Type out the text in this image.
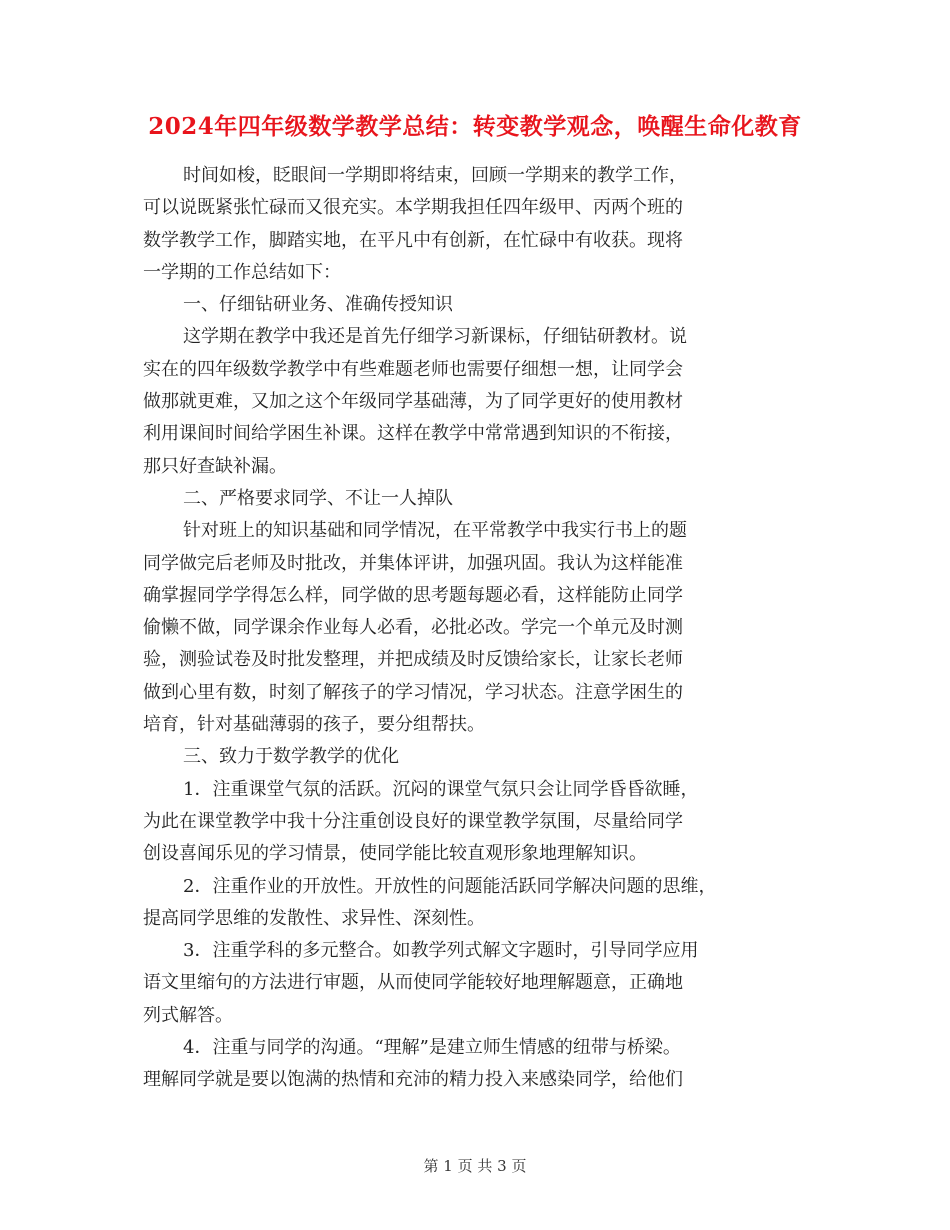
2024年四年级数学教学总结：转变教学观念，唤醒生命化教育

时间如梭，眨眼间一学期即将结束，回顾一学期来的教学工作，
可以说既紧张忙碌而又很充实。本学期我担任四年级甲、丙两个班的
数学教学工作，脚踏实地，在平凡中有创新，在忙碌中有收获。现将
一学期的工作总结如下：

一、仔细钻研业务、准确传授知识

这学期在教学中我还是首先仔细学习新课标，仔细钻研教材。说
实在的四年级数学教学中有些难题老师也需要仔细想一想，让同学会
做那就更难，又加之这个年级同学基础薄，为了同学更好的使用教材
利用课间时间给学困生补课。这样在教学中常常遇到知识的不衔接，
那只好查缺补漏。

二、严格要求同学、不让一人掉队

针对班上的知识基础和同学情况，在平常教学中我实行书上的题
同学做完后老师及时批改，并集体评讲，加强巩固。我认为这样能准
确掌握同学学得怎么样，同学做的思考题每题必看，这样能防止同学
偷懒不做，同学课余作业每人必看，必批必改。学完一个单元及时测
验，测验试卷及时批发整理，并把成绩及时反馈给家长，让家长老师
做到心里有数，时刻了解孩子的学习情况，学习状态。注意学困生的
培育，针对基础薄弱的孩子，要分组帮扶。

三、致力于数学教学的优化

1．注重课堂气氛的活跃。沉闷的课堂气氛只会让同学昏昏欲睡，
为此在课堂教学中我十分注重创设良好的课堂教学氛围，尽量给同学
创设喜闻乐见的学习情景，使同学能比较直观形象地理解知识。

2．注重作业的开放性。开放性的问题能活跃同学解决问题的思维，
提高同学思维的发散性、求异性、深刻性。

3．注重学科的多元整合。如教学列式解文字题时，引导同学应用
语文里缩句的方法进行审题，从而使同学能较好地理解题意，正确地
列式解答。

4．注重与同学的沟通。“理解”是建立师生情感的纽带与桥梁。
理解同学就是要以饱满的热情和充沛的精力投入来感染同学，给他们

第 1 页 共 3 页
